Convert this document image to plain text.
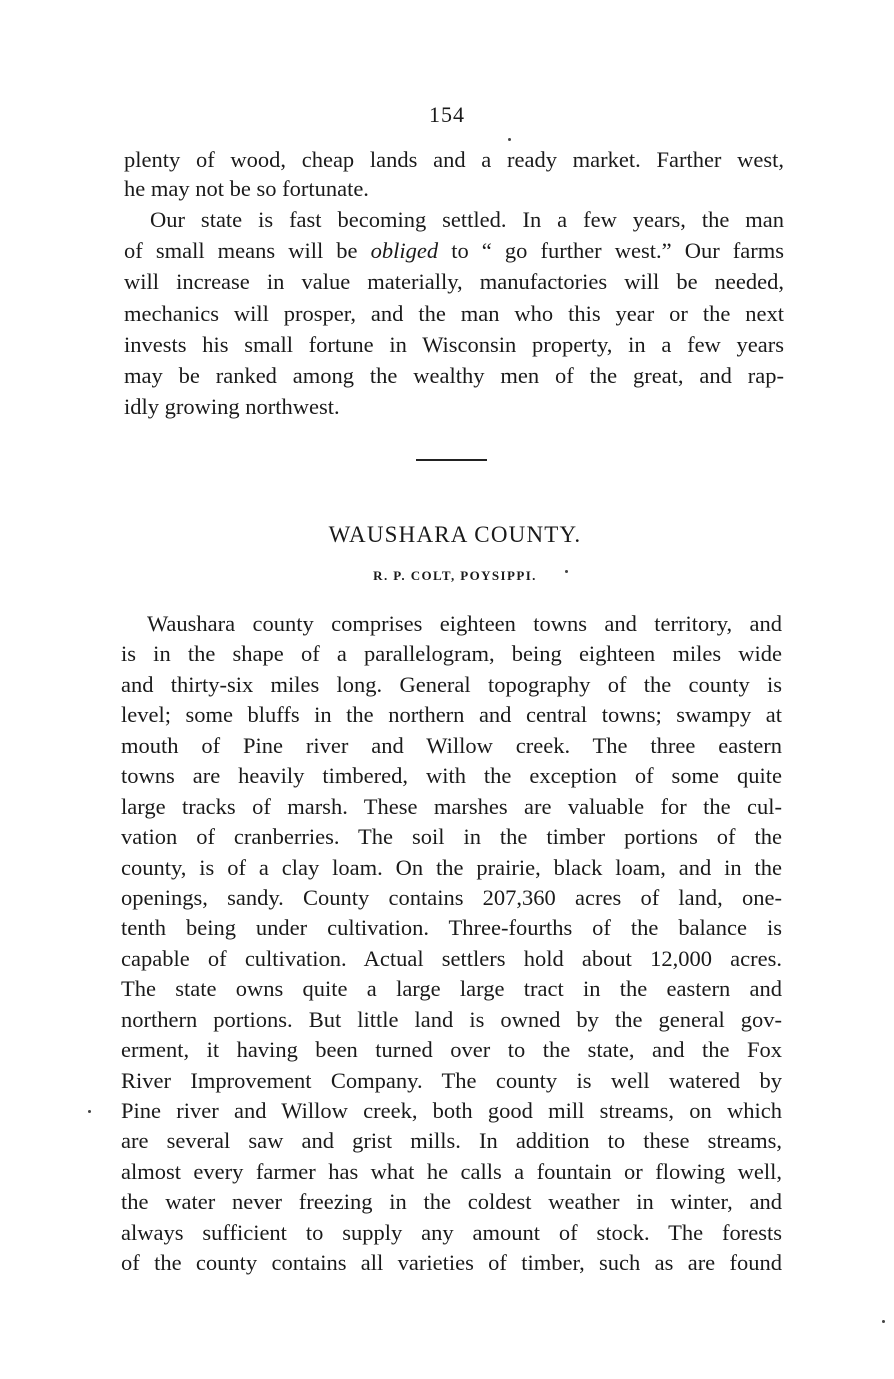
154
plenty of wood, cheap lands and a ready market. Farther west,
he may not be so fortunate.
Our state is fast becoming settled. In a few years, the man
of small means will be obliged to “ go further west.” Our farms
will increase in value materially, manufactories will be needed,
mechanics will prosper, and the man who this year or the next
invests his small fortune in Wisconsin property, in a few years
may be ranked among the wealthy men of the great, and rap-
idly growing northwest.
WAUSHARA COUNTY.
R. P. COLT, POYSIPPI.
Waushara county comprises eighteen towns and territory, and
is in the shape of a parallelogram, being eighteen miles wide
and thirty-six miles long. General topography of the county is
level; some bluffs in the northern and central towns; swampy at
mouth of Pine river and Willow creek. The three eastern
towns are heavily timbered, with the exception of some quite
large tracks of marsh. These marshes are valuable for the cul-
vation of cranberries. The soil in the timber portions of the
county, is of a clay loam. On the prairie, black loam, and in the
openings, sandy. County contains 207,360 acres of land, one-
tenth being under cultivation. Three-fourths of the balance is
capable of cultivation. Actual settlers hold about 12,000 acres.
The state owns quite a large large tract in the eastern and
northern portions. But little land is owned by the general gov-
erment, it having been turned over to the state, and the Fox
River Improvement Company. The county is well watered by
Pine river and Willow creek, both good mill streams, on which
are several saw and grist mills. In addition to these streams,
almost every farmer has what he calls a fountain or flowing well,
the water never freezing in the coldest weather in winter, and
always sufficient to supply any amount of stock. The forests
of the county contains all varieties of timber, such as are found
